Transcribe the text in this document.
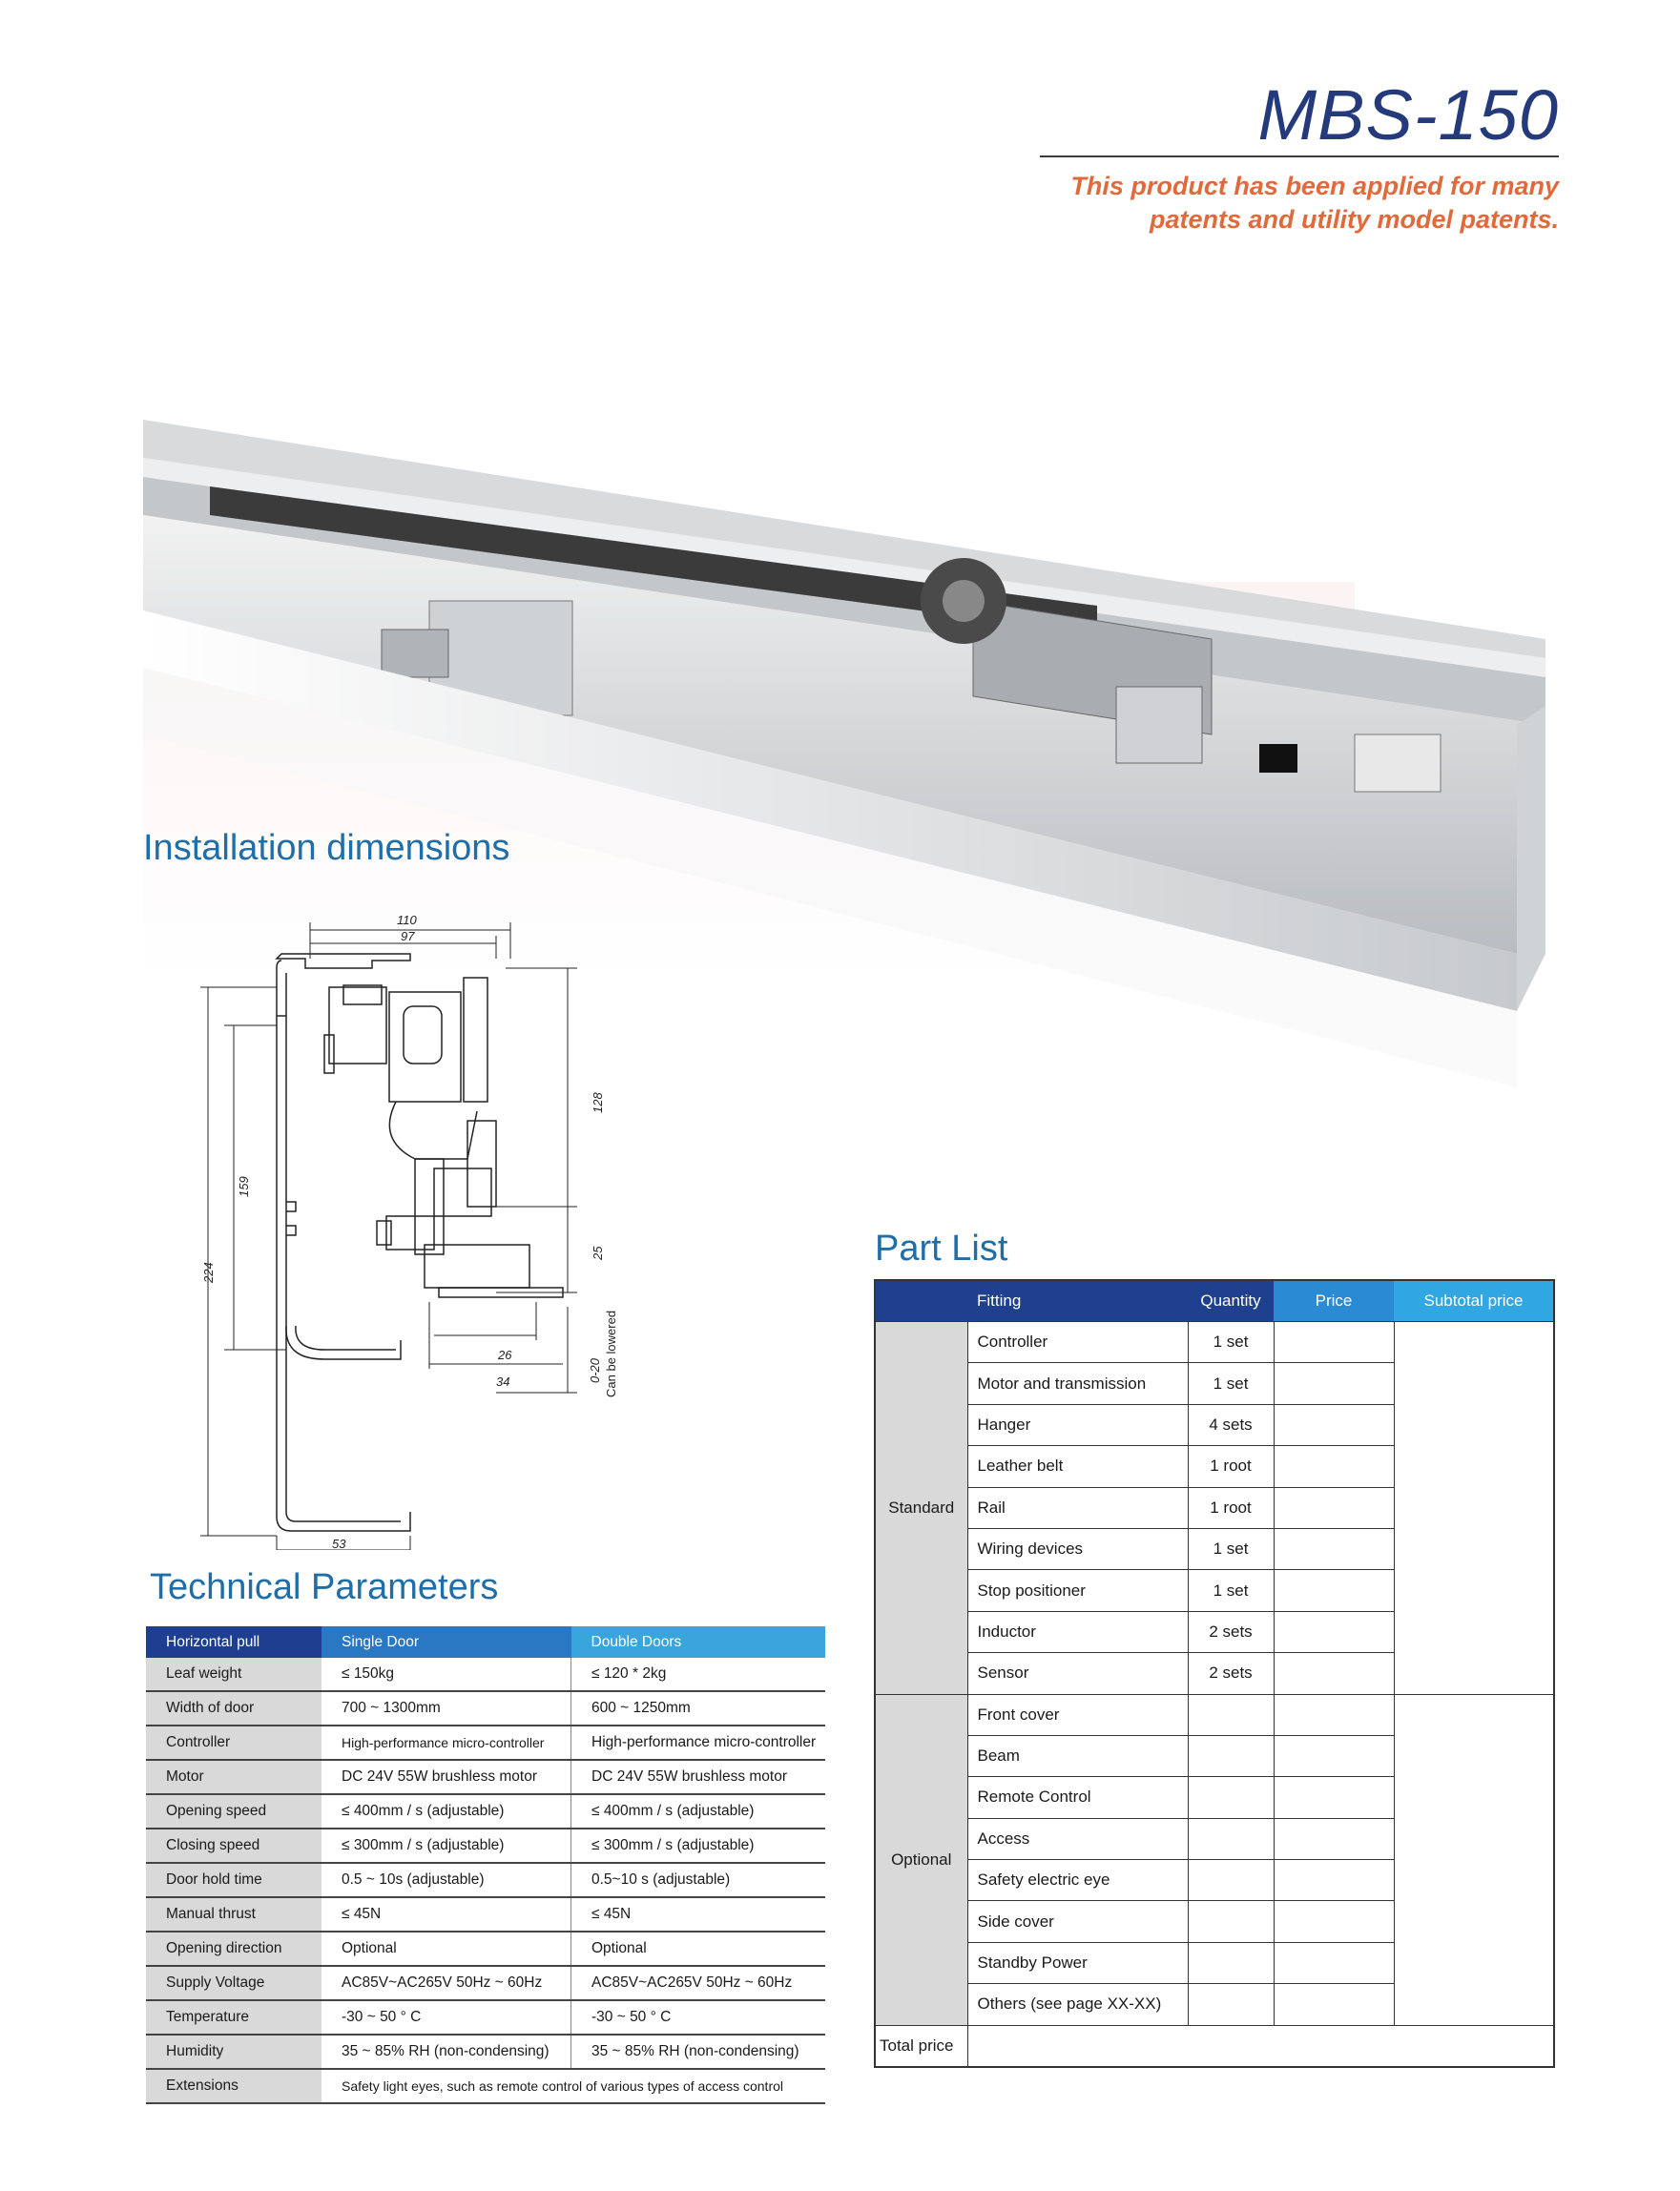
MBS-150
This product has been applied for many
patents and utility model patents.
Installation dimensions
110
97
159
224
128
25
26
34	0-20 Can be lowered
53
Technical Parameters
Horizontal pull	Single Door	Double Doors
Leaf weight	≤ 150kg	≤ 120 * 2kg
Width of door	700 ~ 1300mm	600 ~ 1250mm
Controller	High-performance micro-controller	High-performance micro-controller
Motor	DC 24V 55W brushless motor	DC 24V 55W brushless motor
Opening speed	≤ 400mm / s (adjustable)	≤ 400mm / s (adjustable)
Closing speed	≤ 300mm / s (adjustable)	≤ 300mm / s (adjustable)
Door hold time	0.5 ~ 10s (adjustable)	0.5~10 s (adjustable)
Manual thrust	≤ 45N	≤ 45N
Opening direction	Optional	Optional
Supply Voltage	AC85V~AC265V 50Hz ~ 60Hz	AC85V~AC265V 50Hz ~ 60Hz
Temperature	-30 ~ 50 ° C	-30 ~ 50 ° C
Humidity	35 ~ 85% RH (non-condensing)	35 ~ 85% RH (non-condensing)
Extensions	Safety light eyes, such as remote control of various types of access control	
Part List
	Fitting	Quantity	Price	Subtotal price
Standard	Controller	1 set		
	Motor and transmission	1 set		
	Hanger	4 sets		
	Leather belt	1 root		
	Rail	1 root		
	Wiring devices	1 set		
	Stop positioner	1 set		
	Inductor	2 sets		
	Sensor	2 sets		
Optional	Front cover			
	Beam			
	Remote Control			
	Access			
	Safety electric eye			
	Side cover			
	Standby Power			
	Others (see page XX-XX)			
Total price				
